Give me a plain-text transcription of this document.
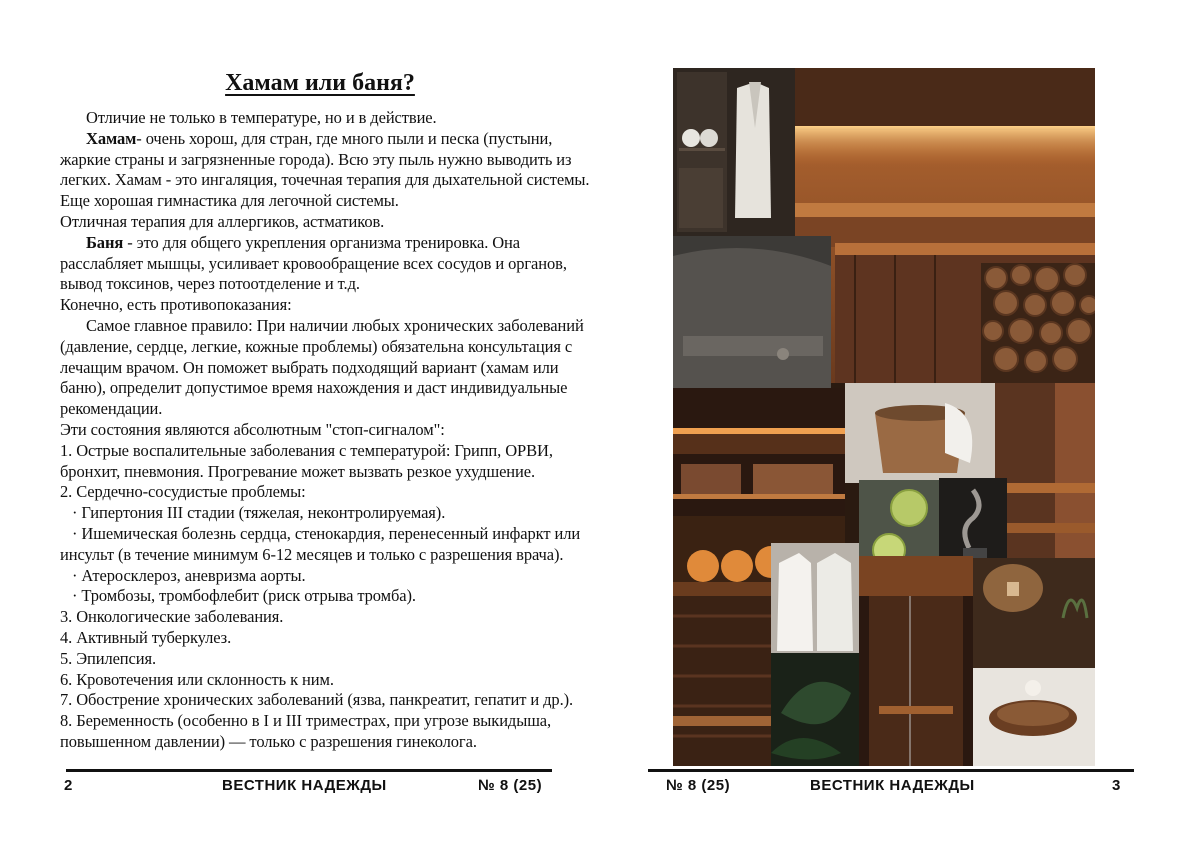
Хамам или баня?

Отличие не только в температуре, но и в действие.

Хамам- очень хорош, для стран, где много пыли и песка (пустыни, жаркие страны и загрязненные города). Всю эту пыль нужно выводить из легких. Хамам - это ингаляция, точечная терапия для дыхательной системы.

Еще хорошая гимнастика для легочной системы.

Отличная терапия для аллергиков, астматиков.

Баня - это для общего укрепления организма тренировка. Она расслабляет мышцы, усиливает кровообращение всех сосудов и органов, вывод токсинов, через потоотделение и т.д.

Конечно, есть противопоказания:

Самое главное правило: При наличии любых хронических заболеваний (давление, сердце, легкие, кожные проблемы) обязательна консультация с лечащим врачом. Он поможет выбрать подходящий вариант (хамам или баню), определит допустимое время нахождения и даст индивидуальные рекомендации.

Эти состояния являются абсолютным "стоп-сигналом":

1. Острые воспалительные заболевания с температурой: Грипп, ОРВИ, бронхит, пневмония. Прогревание может вызвать резкое ухудшение.

2. Сердечно-сосудистые проблемы:

· Гипертония III стадии (тяжелая, неконтролируемая).

· Ишемическая болезнь сердца, стенокардия, перенесенный инфаркт или инсульт (в течение минимум 6-12 месяцев и только с разрешения врача).

· Атеросклероз, аневризма аорты.

· Тромбозы, тромбофлебит (риск отрыва тромба).

3. Онкологические заболевания.

4. Активный туберкулез.

5. Эпилепсия.

6. Кровотечения или склонность к ним.

7. Обострение хронических заболеваний (язва, панкреатит, гепатит и др.).

8. Беременность (особенно в I и III триместрах, при угрозе выкидыша, повышенном давлении) — только с разрешения гинеколога.

2	ВЕСТНИК НАДЕЖДЫ	№ 8 (25)	№ 8 (25)	ВЕСТНИК НАДЕЖДЫ	3
